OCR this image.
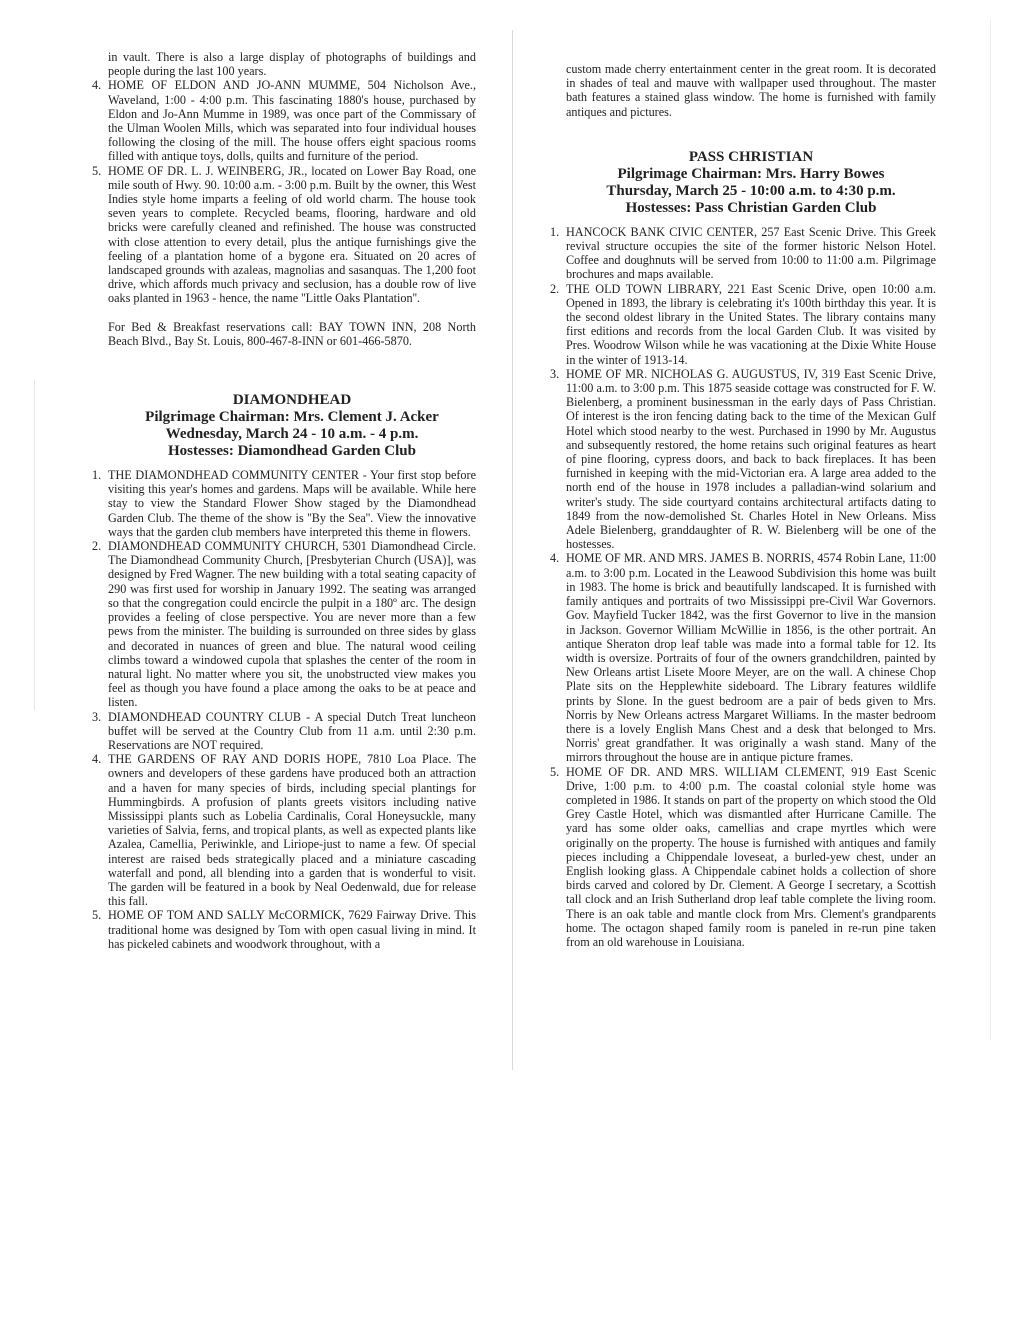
in vault. There is also a large display of photographs of buildings and people during the last 100 years.

4. HOME OF ELDON AND JO-ANN MUMME, 504 Nicholson Ave., Waveland, 1:00 - 4:00 p.m. This fascinating 1880's house, purchased by Eldon and Jo-Ann Mumme in 1989, was once part of the Commissary of the Ulman Woolen Mills, which was separated into four individual houses following the closing of the mill. The house offers eight spacious rooms filled with antique toys, dolls, quilts and furniture of the period.
5. HOME OF DR. L. J. WEINBERG, JR., located on Lower Bay Road, one mile south of Hwy. 90. 10:00 a.m. - 3:00 p.m. Built by the owner, this West Indies style home imparts a feeling of old world charm. The house took seven years to complete. Recycled beams, flooring, hardware and old bricks were carefully cleaned and refinished. The house was constructed with close attention to every detail, plus the antique furnishings give the feeling of a plantation home of a bygone era. Situated on 20 acres of landscaped grounds with azaleas, magnolias and sasanquas. The 1,200 foot drive, which affords much privacy and seclusion, has a double row of live oaks planted in 1963 - hence, the name ''Little Oaks Plantation''.

For Bed & Breakfast reservations call: BAY TOWN INN, 208 North Beach Blvd., Bay St. Louis, 800-467-8-INN or 601-466-5870.

DIAMONDHEAD
Pilgrimage Chairman: Mrs. Clement J. Acker
Wednesday, March 24 - 10 a.m. - 4 p.m.
Hostesses: Diamondhead Garden Club
1. THE DIAMONDHEAD COMMUNITY CENTER - Your first stop before visiting this year's homes and gardens. Maps will be available. While here stay to view the Standard Flower Show staged by the Diamondhead Garden Club. The theme of the show is ''By the Sea''. View the innovative ways that the garden club members have interpreted this theme in flowers.
2. DIAMONDHEAD COMMUNITY CHURCH, 5301 Diamondhead Circle. The Diamondhead Community Church, [Presbyterian Church (USA)], was designed by Fred Wagner. The new building with a total seating capacity of 290 was first used for worship in January 1992. The seating was arranged so that the congregation could encircle the pulpit in a 180º arc. The design provides a feeling of close perspective. You are never more than a few pews from the minister. The building is surrounded on three sides by glass and decorated in nuances of green and blue. The natural wood ceiling climbs toward a windowed cupola that splashes the center of the room in natural light. No matter where you sit, the unobstructed view makes you feel as though you have found a place among the oaks to be at peace and listen.
3. DIAMONDHEAD COUNTRY CLUB - A special Dutch Treat luncheon buffet will be served at the Country Club from 11 a.m. until 2:30 p.m. Reservations are NOT required.
4. THE GARDENS OF RAY AND DORIS HOPE, 7810 Loa Place. The owners and developers of these gardens have produced both an attraction and a haven for many species of birds, including special plantings for Hummingbirds. A profusion of plants greets visitors including native Mississippi plants such as Lobelia Cardinalis, Coral Honeysuckle, many varieties of Salvia, ferns, and tropical plants, as well as expected plants like Azalea, Camellia, Periwinkle, and Liriope-just to name a few. Of special interest are raised beds strategically placed and a miniature cascading waterfall and pond, all blending into a garden that is wonderful to visit. The garden will be featured in a book by Neal Oedenwald, due for release this fall.
5. HOME OF TOM AND SALLY McCORMICK, 7629 Fairway Drive. This traditional home was designed by Tom with open casual living in mind. It has pickeled cabinets and woodwork throughout, with a

custom made cherry entertainment center in the great room. It is decorated in shades of teal and mauve with wallpaper used throughout. The master bath features a stained glass window. The home is furnished with family antiques and pictures.

PASS CHRISTIAN
Pilgrimage Chairman: Mrs. Harry Bowes
Thursday, March 25 - 10:00 a.m. to 4:30 p.m.
Hostesses: Pass Christian Garden Club
1. HANCOCK BANK CIVIC CENTER, 257 East Scenic Drive. This Greek revival structure occupies the site of the former historic Nelson Hotel. Coffee and doughnuts will be served from 10:00 to 11:00 a.m. Pilgrimage brochures and maps available.
2. THE OLD TOWN LIBRARY, 221 East Scenic Drive, open 10:00 a.m. Opened in 1893, the library is celebrating it's 100th birthday this year. It is the second oldest library in the United States. The library contains many first editions and records from the local Garden Club. It was visited by Pres. Woodrow Wilson while he was vacationing at the Dixie White House in the winter of 1913-14.
3. HOME OF MR. NICHOLAS G. AUGUSTUS, IV, 319 East Scenic Drive, 11:00 a.m. to 3:00 p.m. This 1875 seaside cottage was constructed for F. W. Bielenberg, a prominent businessman in the early days of Pass Christian. Of interest is the iron fencing dating back to the time of the Mexican Gulf Hotel which stood nearby to the west. Purchased in 1990 by Mr. Augustus and subsequently restored, the home retains such original features as heart of pine flooring, cypress doors, and back to back fireplaces. It has been furnished in keeping with the mid-Victorian era. A large area added to the north end of the house in 1978 includes a palladian-wind solarium and writer's study. The side courtyard contains architectural artifacts dating to 1849 from the now-demolished St. Charles Hotel in New Orleans. Miss Adele Bielenberg, granddaughter of R. W. Bielenberg will be one of the hostesses.
4. HOME OF MR. AND MRS. JAMES B. NORRIS, 4574 Robin Lane, 11:00 a.m. to 3:00 p.m. Located in the Leawood Subdivision this home was built in 1983. The home is brick and beautifully landscaped. It is furnished with family antiques and portraits of two Mississippi pre-Civil War Governors. Gov. Mayfield Tucker 1842, was the first Governor to live in the mansion in Jackson. Governor William McWillie in 1856, is the other portrait. An antique Sheraton drop leaf table was made into a formal table for 12. Its width is oversize. Portraits of four of the owners grandchildren, painted by New Orleans artist Lisete Moore Meyer, are on the wall. A chinese Chop Plate sits on the Hepplewhite sideboard. The Library features wildlife prints by Slone. In the guest bedroom are a pair of beds given to Mrs. Norris by New Orleans actress Margaret Williams. In the master bedroom there is a lovely English Mans Chest and a desk that belonged to Mrs. Norris' great grandfather. It was originally a wash stand. Many of the mirrors throughout the house are in antique picture frames.
5. HOME OF DR. AND MRS. WILLIAM CLEMENT, 919 East Scenic Drive, 1:00 p.m. to 4:00 p.m. The coastal colonial style home was completed in 1986. It stands on part of the property on which stood the Old Grey Castle Hotel, which was dismantled after Hurricane Camille. The yard has some older oaks, camellias and crape myrtles which were originally on the property. The house is furnished with antiques and family pieces including a Chippendale loveseat, a burled-yew chest, under an English looking glass. A Chippendale cabinet holds a collection of shore birds carved and colored by Dr. Clement. A George I secretary, a Scottish tall clock and an Irish Sutherland drop leaf table complete the living room. There is an oak table and mantle clock from Mrs. Clement's grandparents home. The octagon shaped family room is paneled in re-run pine taken from an old warehouse in Louisiana.
